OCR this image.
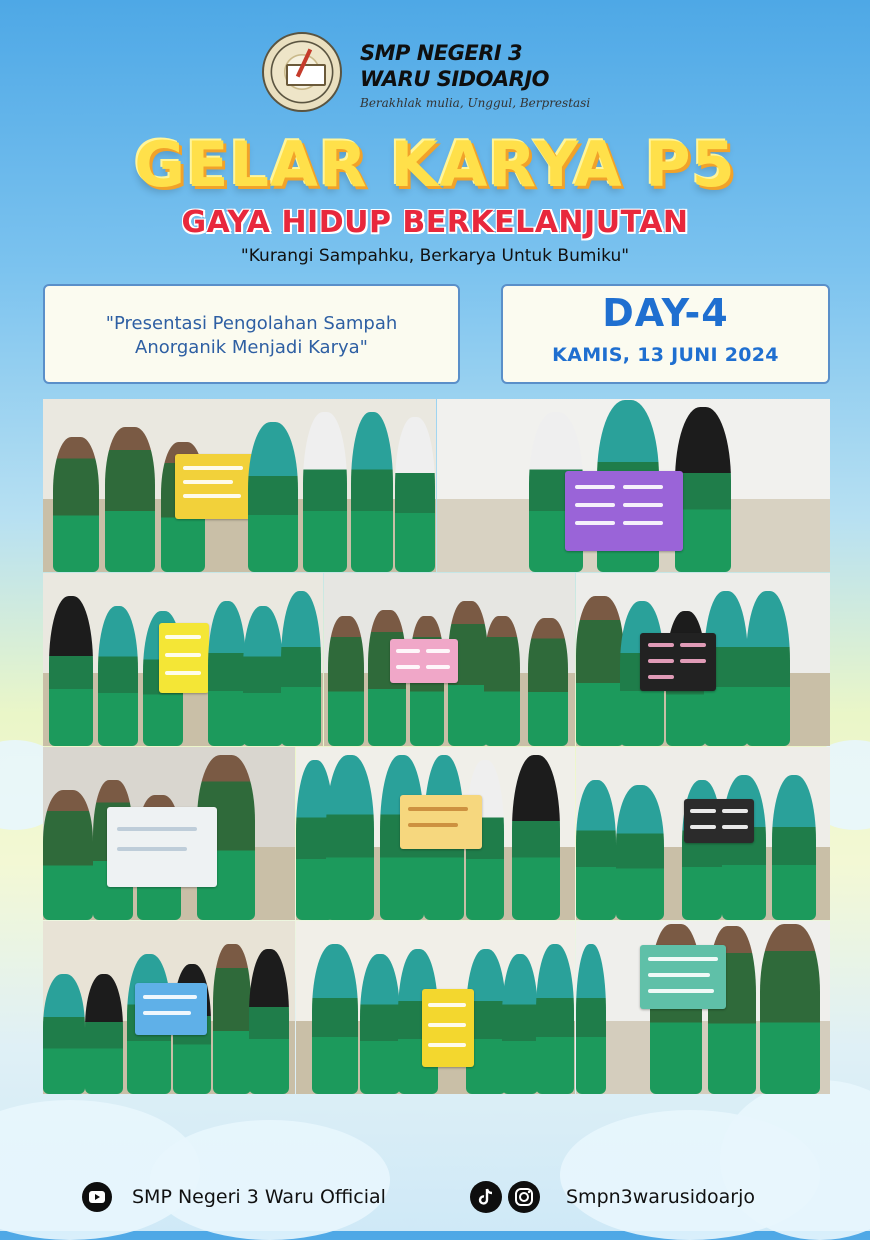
SMP NEGERI 3
WARU SIDOARJO
Berakhlak mulia, Unggul, Berprestasi
GELAR KARYA P5
GAYA HIDUP BERKELANJUTAN
"Kurangi Sampahku, Berkarya Untuk Bumiku"
"Presentasi Pengolahan Sampah
Anorganik Menjadi Karya"
DAY-4
KAMIS, 13 JUNI 2024
SMP Negeri 3 Waru Official	Smpn3warusidoarjo
